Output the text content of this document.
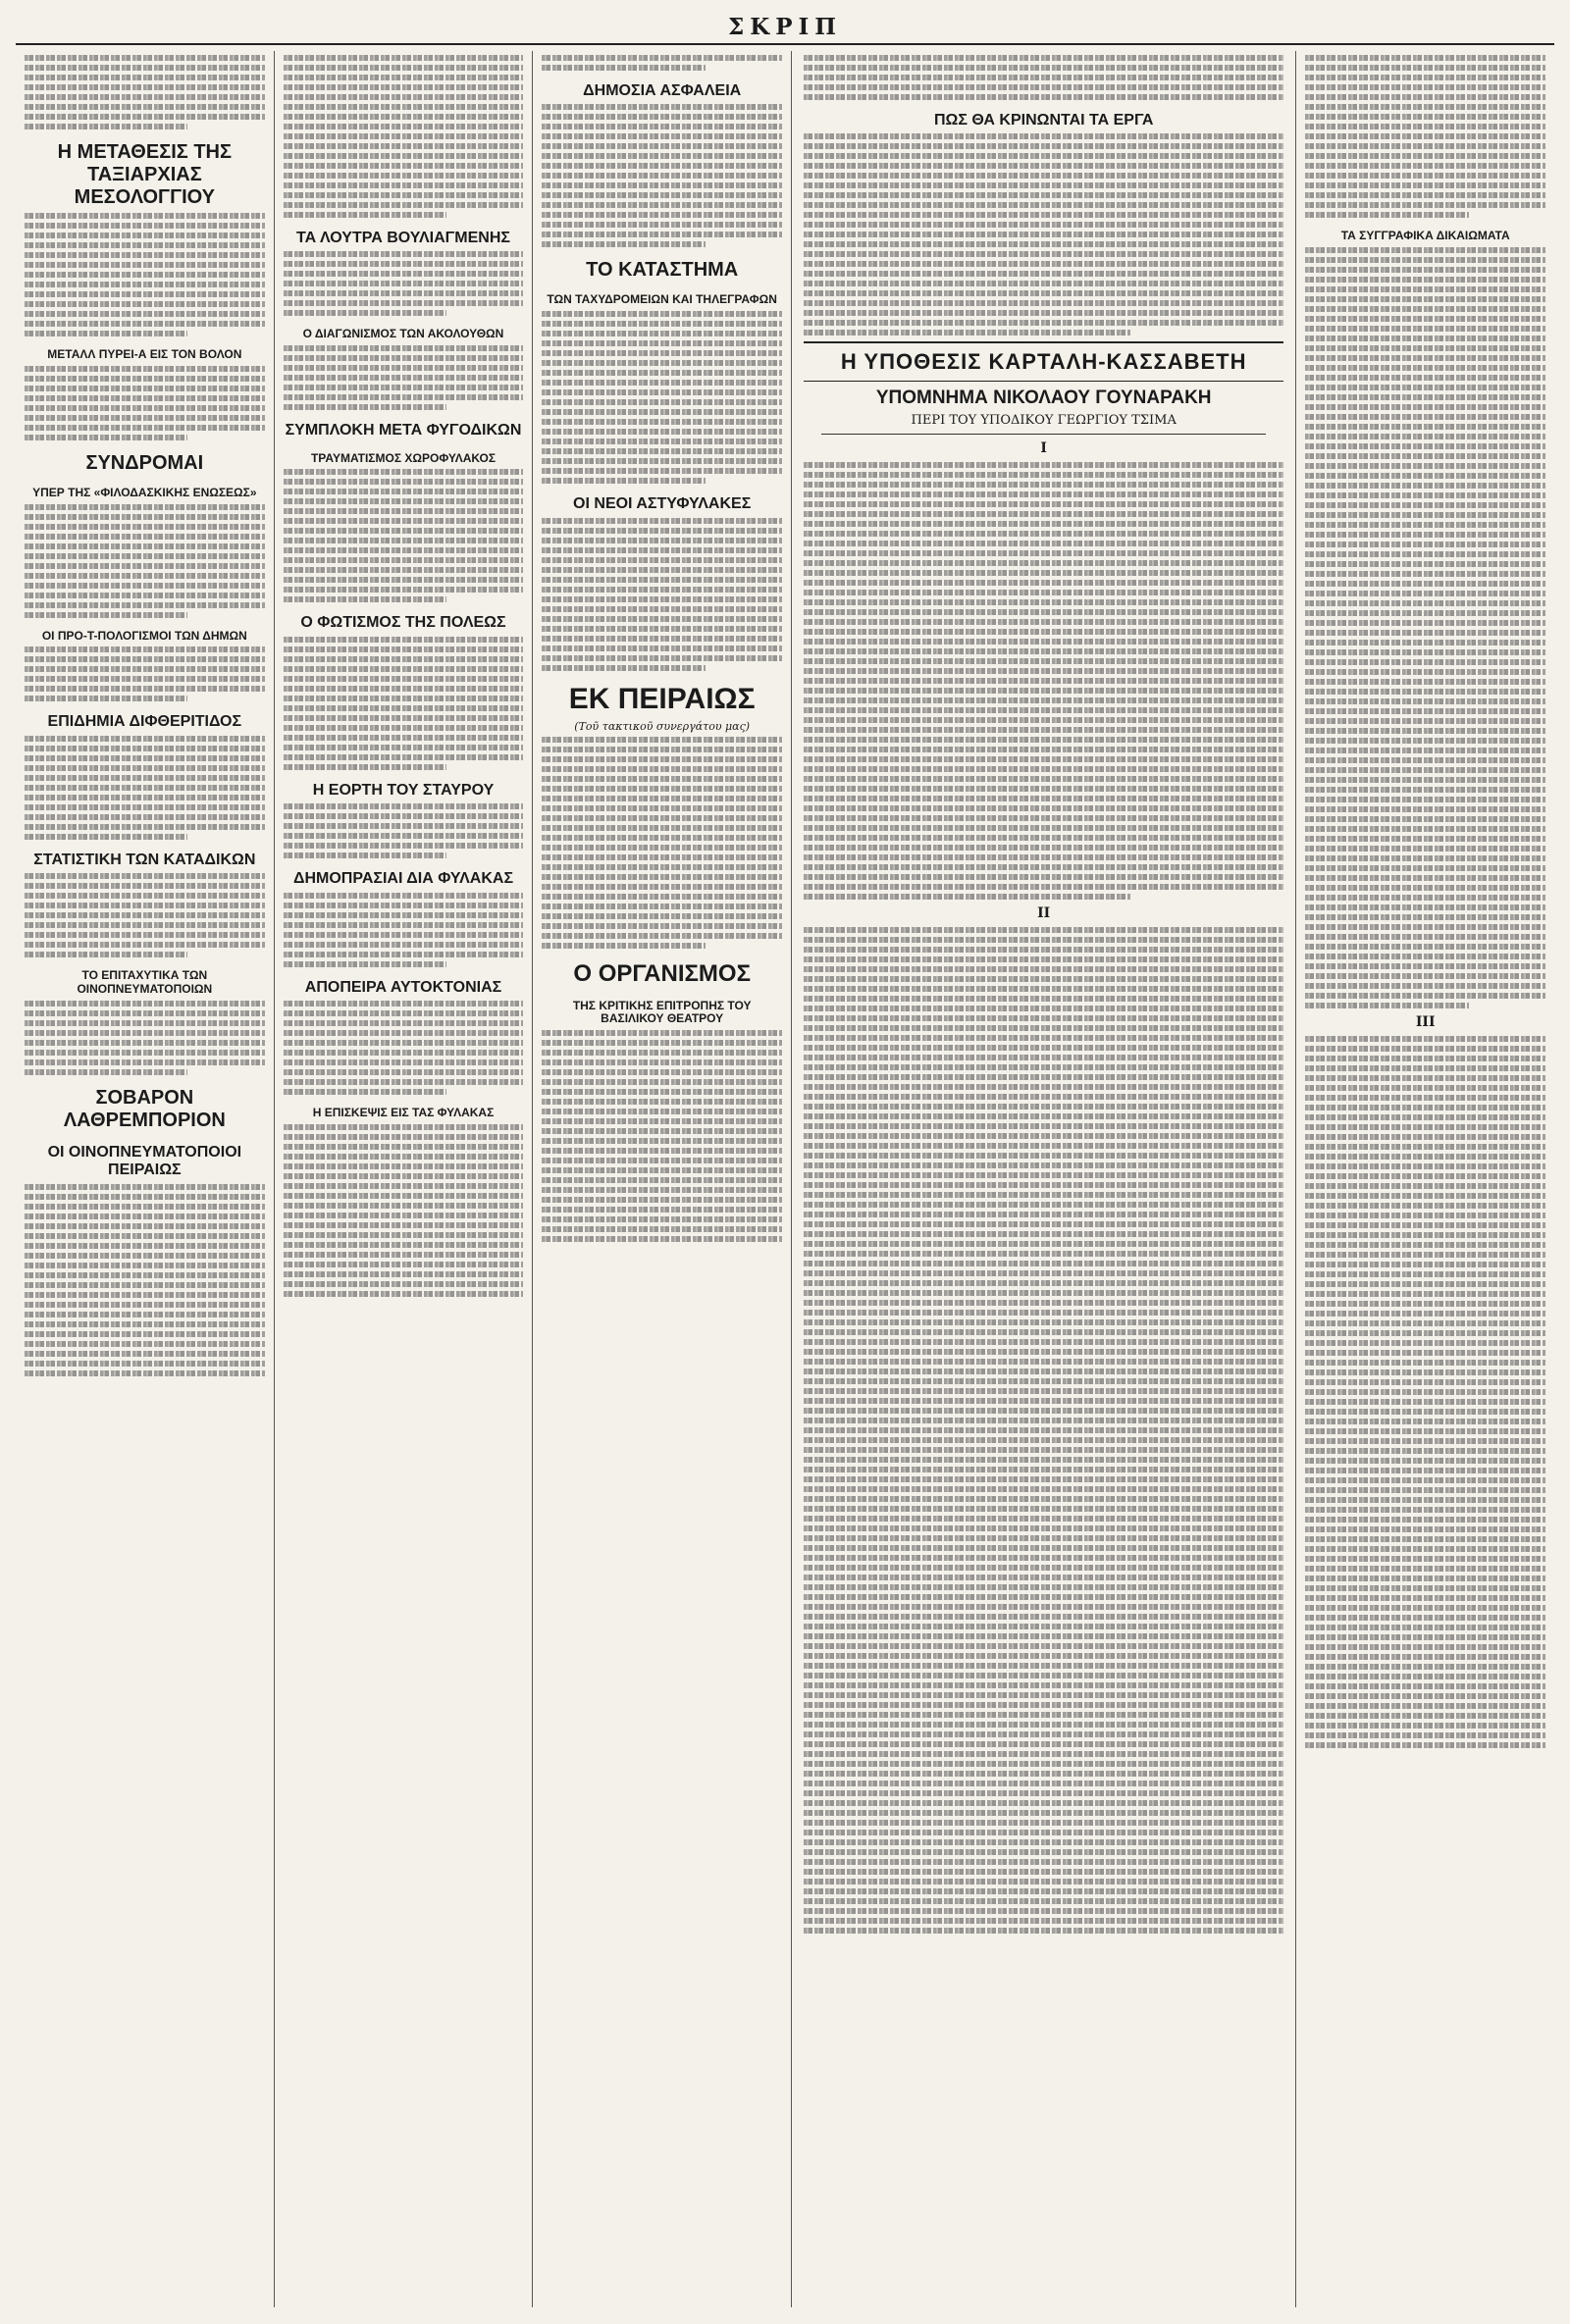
ΣΚΡΙΠ
Η ΜΕΤΑΘΕΣΙΣ ΤΗΣ ΤΑΞΙΑΡΧΙΑΣ ΜΕΣΟΛΟΓΓΙΟΥ
ΜΕΤΑΛΛ ΠΥΡΕΙ-Α ΕΙΣ ΤΟΝ ΒΟΛΟΝ
ΣΥΝΔΡΟΜΑΙ
ΥΠΕΡ ΤΗΣ «ΦΙΛΟΔΑΣΚΙΚΗΣ ΕΝΩΣΕΩΣ»
ΟΙ ΠΡΟ-Τ-ΠΟΛΟΓΙΣΜΟΙ ΤΩΝ ΔΗΜΩΝ
ΕΠΙΔΗΜΙΑ ΔΙΦΘΕΡΙΤΙΔΟΣ
ΣΤΑΤΙΣΤΙΚΗ ΤΩΝ ΚΑΤΑΔΙΚΩΝ
ΤΟ ΕΠΙΤΑΧΥΤΙΚΑ ΤΩΝ ΟΙΝΟΠΝΕΥΜΑΤΟΠΟΙΩΝ
ΣΟΒΑΡΟΝ ΛΑΘΡΕΜΠΟΡΙΟΝ
ΟΙ ΟΙΝΟΠΝΕΥΜΑΤΟΠΟΙΟΙ ΠΕΙΡΑΙΩΣ
ΤΑ ΛΟΥΤΡΑ ΒΟΥΛΙΑΓΜΕΝΗΣ
Ο ΔΙΑΓΩΝΙΣΜΟΣ ΤΩΝ ΑΚΟΛΟΥΘΩΝ
ΣΥΜΠΛΟΚΗ ΜΕΤΑ ΦΥΓΟΔΙΚΩΝ
ΤΡΑΥΜΑΤΙΣΜΟΣ ΧΩΡΟΦΥΛΑΚΟΣ
Ο ΦΩΤΙΣΜΟΣ ΤΗΣ ΠΟΛΕΩΣ
Η ΕΟΡΤΗ ΤΟΥ ΣΤΑΥΡΟΥ
ΔΗΜΟΠΡΑΣΙΑΙ ΔΙΑ ΦΥΛΑΚΑΣ
ΑΠΟΠΕΙΡΑ ΑΥΤΟΚΤΟΝΙΑΣ
Η ΕΠΙΣΚΕΨΙΣ ΕΙΣ ΤΑΣ ΦΥΛΑΚΑΣ
ΔΗΜΟΣΙΑ ΑΣΦΑΛΕΙΑ
ΤΟ ΚΑΤΑΣΤΗΜΑ
ΤΩΝ ΤΑΧΥΔΡΟΜΕΙΩΝ ΚΑΙ ΤΗΛΕΓΡΑΦΩΝ
ΟΙ ΝΕΟΙ ΑΣΤΥΦΥΛΑΚΕΣ
ΕΚ ΠΕΙΡΑΙΩΣ
(Τοῦ τακτικοῦ συνεργάτου μας)
Ο ΟΡΓΑΝΙΣΜΟΣ
ΤΗΣ ΚΡΙΤΙΚΗΣ ΕΠΙΤΡΟΠΗΣ ΤΟΥ ΒΑΣΙΛΙΚΟΥ ΘΕΑΤΡΟΥ
ΠΩΣ ΘΑ ΚΡΙΝΩΝΤΑΙ ΤΑ ΕΡΓΑ
Η ΥΠΟΘΕΣΙΣ ΚΑΡΤΑΛΗ-ΚΑΣΣΑΒΕΤΗ
ΥΠΟΜΝΗΜΑ ΝΙΚΟΛΑΟΥ ΓΟΥΝΑΡΑΚΗ
ΠΕΡΙ ΤΟΥ ΥΠΟΔΙΚΟΥ ΓΕΩΡΓΙΟΥ ΤΣΙΜΑ
I
II
ΤΑ ΣΥΓΓΡΑΦΙΚΑ ΔΙΚΑΙΩΜΑΤΑ
III
